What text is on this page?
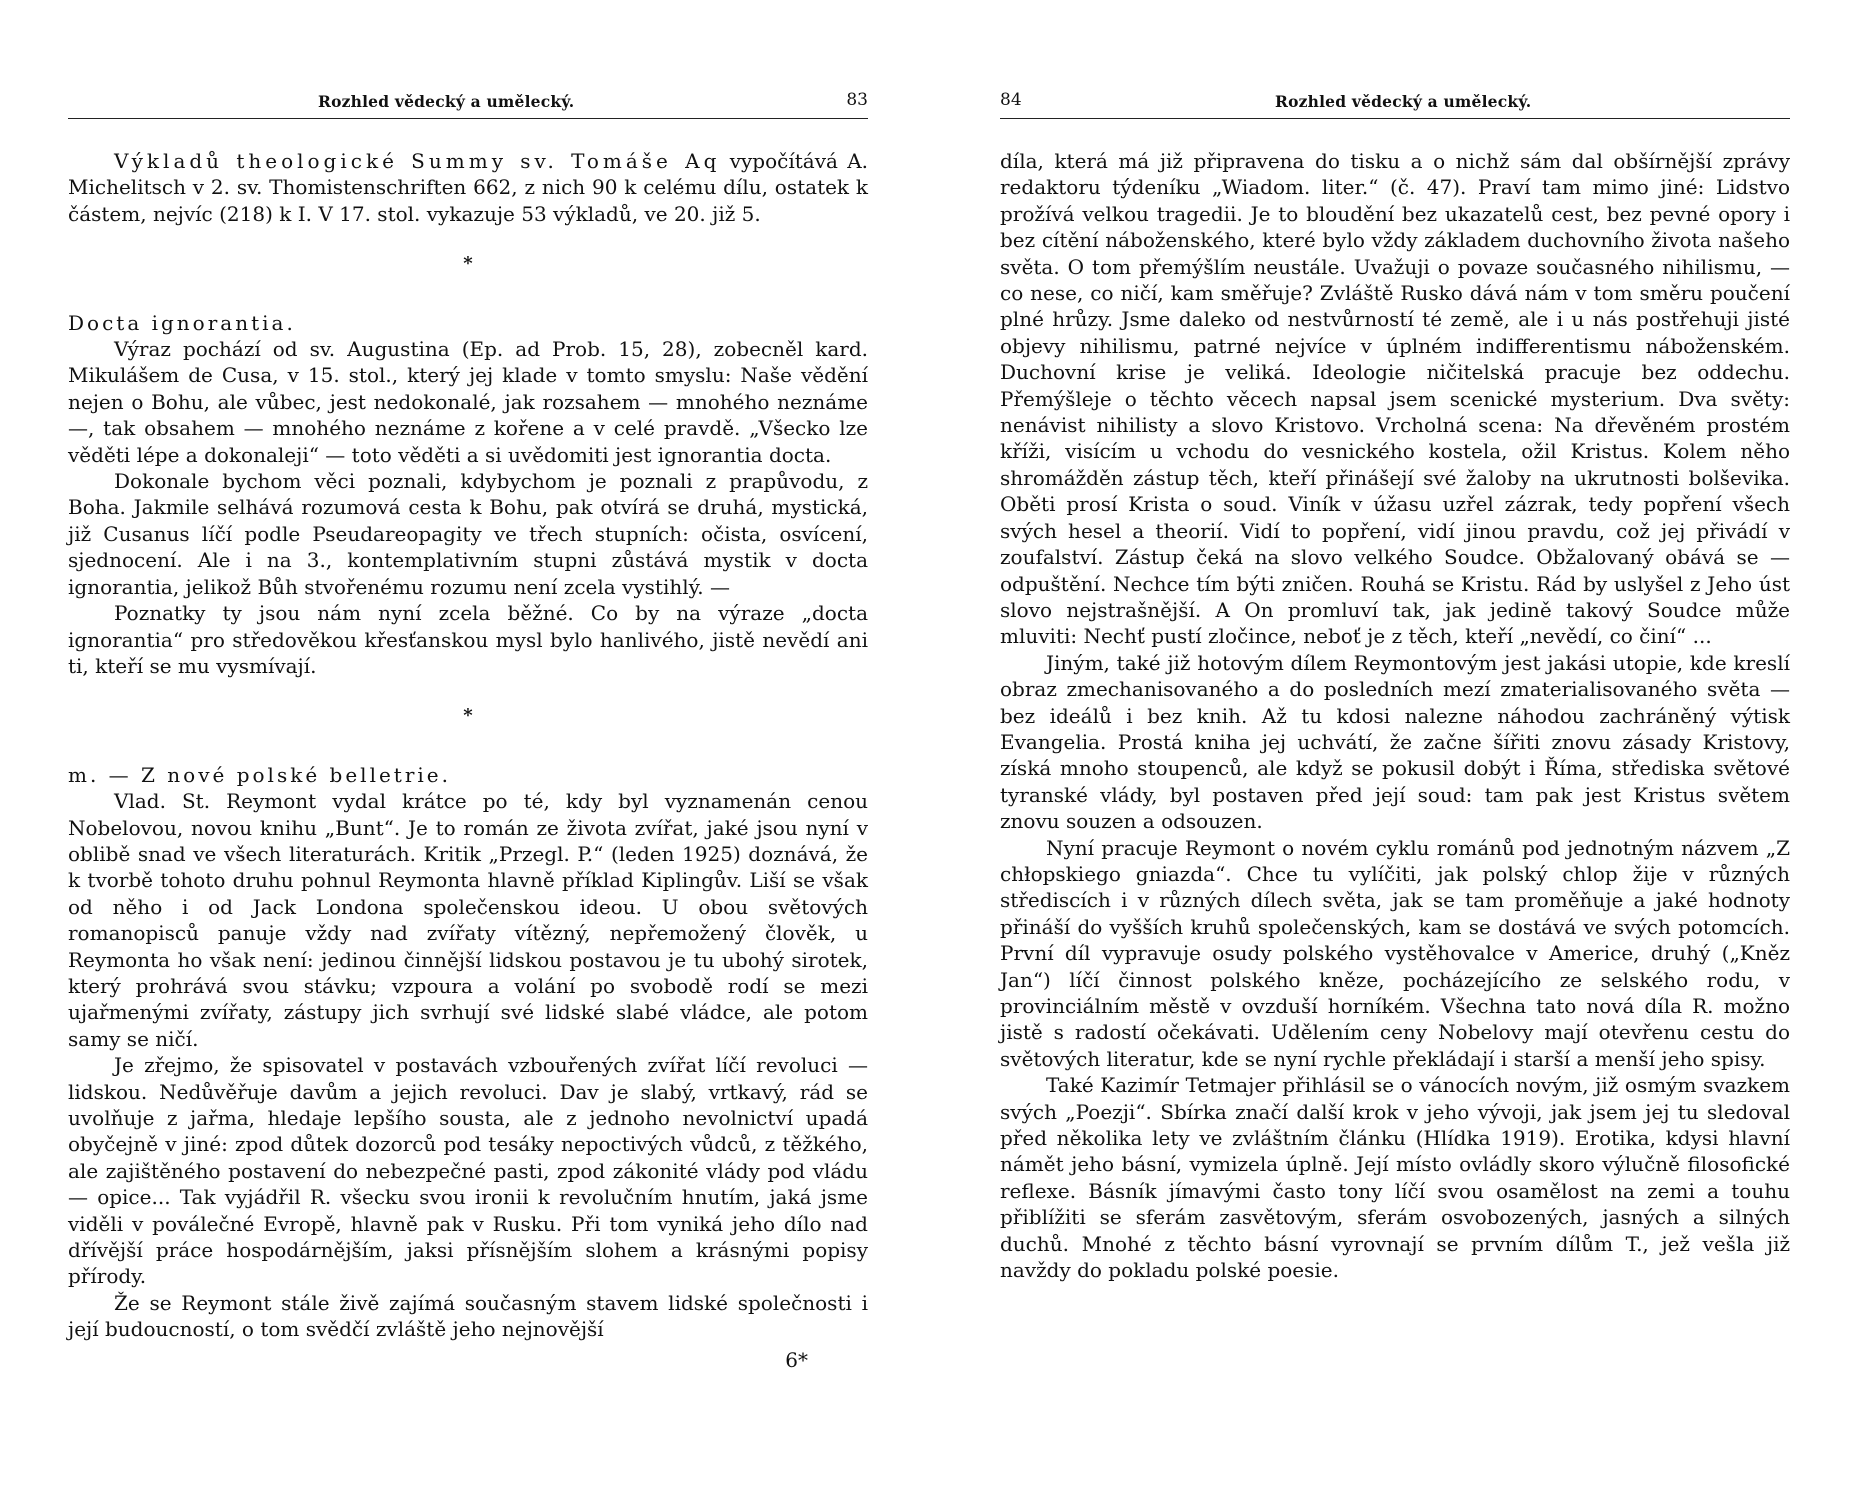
Rozhled vědecký a umělecký.	83

Výkladů theologické Summy sv. Tomáše Aq vypočítává A. Michelitsch v 2. sv. Thomistenschriften 662, z nich 90 k celému dílu, ostatek k částem, nejvíc (218) k I. V 17. stol. vykazuje 53 výkladů, ve 20. již 5.

*
Docta ignorantia.

Výraz pochází od sv. Augustina (Ep. ad Prob. 15, 28), zobecněl kard. Mikulášem de Cusa, v 15. stol., který jej klade v tomto smyslu: Naše vědění nejen o Bohu, ale vůbec, jest nedokonalé, jak rozsahem — mnohého neznáme —, tak obsahem — mnohého neznáme z kořene a v celé pravdě. „Všecko lze věděti lépe a dokonaleji“ — toto věděti a si uvědomiti jest ignorantia docta.

Dokonale bychom věci poznali, kdybychom je poznali z prapůvodu, z Boha. Jakmile selhává rozumová cesta k Bohu, pak otvírá se druhá, mystická, již Cusanus líčí podle Pseudareopagity ve třech stupních: očista, osvícení, sjednocení. Ale i na 3., kontemplativním stupni zůstává mystik v docta ignorantia, jelikož Bůh stvořenému rozumu není zcela vystihlý. —

Poznatky ty jsou nám nyní zcela běžné. Co by na výraze „docta ignorantia“ pro středověkou křesťanskou mysl bylo hanlivého, jistě nevědí ani ti, kteří se mu vysmívají.

*
m. — Z nové polské belletrie.

Vlad. St. Reymont vydal krátce po té, kdy byl vyznamenán cenou Nobelovou, novou knihu „Bunt“. Je to román ze života zvířat, jaké jsou nyní v oblibě snad ve všech literaturách. Kritik „Przegl. P.“ (leden 1925) doznává, že k tvorbě tohoto druhu pohnul Reymonta hlavně příklad Kiplingův. Liší se však od něho i od Jack Londona společenskou ideou. U obou světových romanopisců panuje vždy nad zvířaty vítězný, nepřemožený člověk, u Reymonta ho však není: jedinou činnější lidskou postavou je tu ubohý sirotek, který prohrává svou stávku; vzpoura a volání po svobodě rodí se mezi ujařmenými zvířaty, zástupy jich svrhují své lidské slabé vládce, ale potom samy se ničí.

Je zřejmo, že spisovatel v postavách vzbouřených zvířat líčí revoluci — lidskou. Nedůvěřuje davům a jejich revoluci. Dav je slabý, vrtkavý, rád se uvolňuje z jařma, hledaje lepšího sousta, ale z jednoho nevolnictví upadá obyčejně v jiné: zpod důtek dozorců pod tesáky nepoctivých vůdců, z těžkého, ale zajištěného postavení do nebezpečné pasti, zpod zákonité vlády pod vládu — opice... Tak vyjádřil R. všecku svou ironii k revolučním hnutím, jaká jsme viděli v poválečné Evropě, hlavně pak v Rusku. Při tom vyniká jeho dílo nad dřívější práce hospodárnějším, jaksi přísnějším slohem a krásnými popisy přírody.

Že se Reymont stále živě zajímá současným stavem lidské společnosti i její budoucností, o tom svědčí zvláště jeho nejnovější

6*
84	Rozhled vědecký a umělecký.

díla, která má již připravena do tisku a o nichž sám dal obšírnější zprávy redaktoru týdeníku „Wiadom. liter.“ (č. 47). Praví tam mimo jiné: Lidstvo prožívá velkou tragedii. Je to bloudění bez ukazatelů cest, bez pevné opory i bez cítění náboženského, které bylo vždy základem duchovního života našeho světa. O tom přemýšlím neustále. Uvažuji o povaze současného nihilismu, — co nese, co ničí, kam směřuje? Zvláště Rusko dává nám v tom směru poučení plné hrůzy. Jsme daleko od nestvůrností té země, ale i u nás postřehuji jisté objevy nihilismu, patrné nejvíce v úplném indifferentismu náboženském. Duchovní krise je veliká. Ideologie ničitelská pracuje bez oddechu. Přemýšleje o těchto věcech napsal jsem scenické mysterium. Dva světy: nenávist nihilisty a slovo Kristovo. Vrcholná scena: Na dřevěném prostém kříži, visícím u vchodu do vesnického kostela, ožil Kristus. Kolem něho shromážděn zástup těch, kteří přinášejí své žaloby na ukrutnosti bolševika. Oběti prosí Krista o soud. Viník v úžasu uzřel zázrak, tedy popření všech svých hesel a theorií. Vidí to popření, vidí jinou pravdu, což jej přivádí v zoufalství. Zástup čeká na slovo velkého Soudce. Obžalovaný obává se — odpuštění. Nechce tím býti zničen. Rouhá se Kristu. Rád by uslyšel z Jeho úst slovo nejstrašnější. A On promluví tak, jak jedině takový Soudce může mluviti: Nechť pustí zločince, neboť je z těch, kteří „nevědí, co činí“ ...

Jiným, také již hotovým dílem Reymontovým jest jakási utopie, kde kreslí obraz zmechanisovaného a do posledních mezí zmaterialisovaného světa — bez ideálů i bez knih. Až tu kdosi nalezne náhodou zachráněný výtisk Evangelia. Prostá kniha jej uchvátí, že začne šířiti znovu zásady Kristovy, získá mnoho stoupenců, ale když se pokusil dobýt i Říma, střediska světové tyranské vlády, byl postaven před její soud: tam pak jest Kristus světem znovu souzen a odsouzen.

Nyní pracuje Reymont o novém cyklu románů pod jednotným názvem „Z chłopskiego gniazda“. Chce tu vylíčiti, jak polský chlop žije v různých střediscích i v různých dílech světa, jak se tam proměňuje a jaké hodnoty přináší do vyšších kruhů společenských, kam se dostává ve svých potomcích. První díl vypravuje osudy polského vystěhovalce v Americe, druhý („Kněz Jan“) líčí činnost polského kněze, pocházejícího ze selského rodu, v provinciálním městě v ovzduší horníkém. Všechna tato nová díla R. možno jistě s radostí očekávati. Udělením ceny Nobelovy mají otevřenu cestu do světových literatur, kde se nyní rychle překládají i starší a menší jeho spisy.

Také Kazimír Tetmajer přihlásil se o vánocích novým, již osmým svazkem svých „Poezji“. Sbírka značí další krok v jeho vývoji, jak jsem jej tu sledoval před několika lety ve zvláštním článku (Hlídka 1919). Erotika, kdysi hlavní námět jeho básní, vymizela úplně. Její místo ovládly skoro výlučně filosofické reflexe. Básník jímavými často tony líčí svou osamělost na zemi a touhu přiblížiti se sferám zasvětovým, sferám osvobozených, jasných a silných duchů. Mnohé z těchto básní vyrovnají se prvním dílům T., jež vešla již navždy do pokladu polské poesie.
